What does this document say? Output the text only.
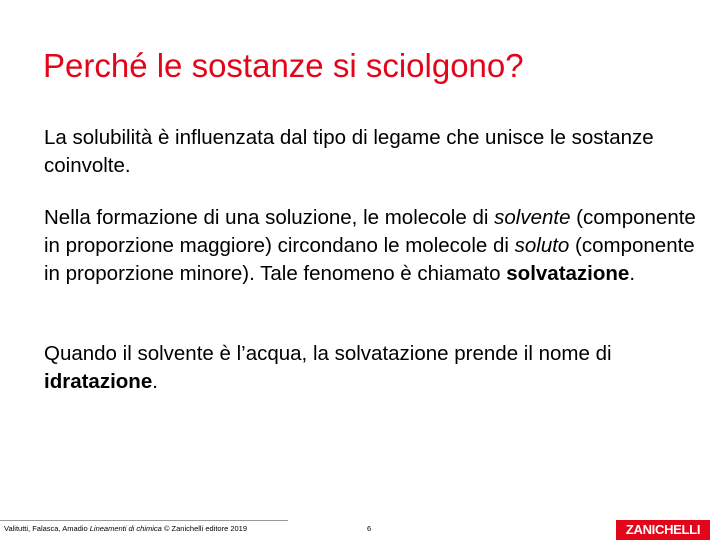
Perché le sostanze si sciolgono?

La solubilità è influenzata dal tipo di legame che unisce le sostanze coinvolte.

Nella formazione di una soluzione, le molecole di solvente (componente in proporzione maggiore) circondano le molecole di soluto (componente in proporzione minore). Tale fenomeno è chiamato solvatazione.

Quando il solvente è l’acqua, la solvatazione prende il nome di idratazione.

Valitutti, Falasca, Amadio Lineamenti di chimica © Zanichelli editore 2019	6	ZANICHELLI
